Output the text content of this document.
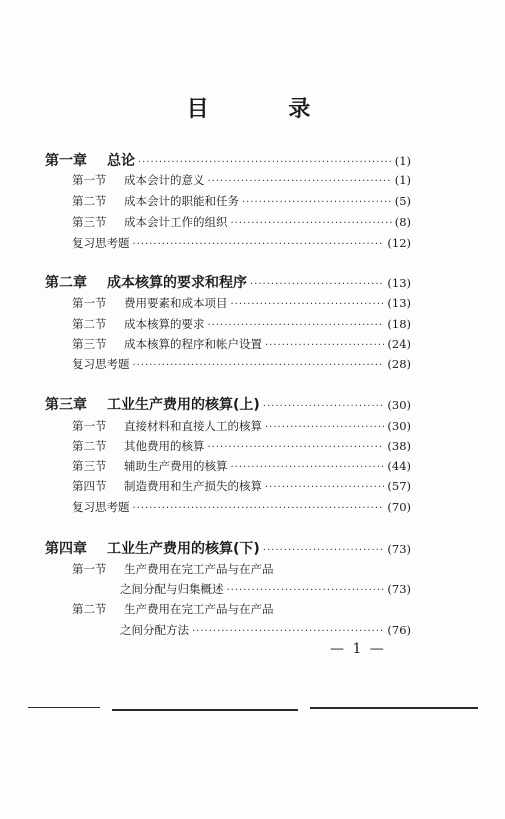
目 录
第一章	总论 ·····	(1)
第一节	成本会计的意义 ·····	(1)
第二节	成本会计的职能和任务 ·····	(5)
第三节	成本会计工作的组织 ·····	(8)
复习思考题 ·····	(12)
第二章	成本核算的要求和程序 ·····	(13)
第一节	费用要素和成本项目 ·····	(13)
第二节	成本核算的要求 ·····	(18)
第三节	成本核算的程序和帐户设置 ·····	(24)
复习思考题 ·····	(28)
第三章	工业生产费用的核算(上) ·····	(30)
第一节	直接材料和直接人工的核算 ·····	(30)
第二节	其他费用的核算 ·····	(38)
第三节	辅助生产费用的核算 ·····	(44)
第四节	制造费用和生产损失的核算 ·····	(57)
复习思考题 ·····	(70)
第四章	工业生产费用的核算(下) ·····	(73)
第一节	生产费用在完工产品与在产品
之间分配与归集概述 ·····	(73)
第二节	生产费用在完工产品与在产品
之间分配方法 ·····	(76)
— 1 —
